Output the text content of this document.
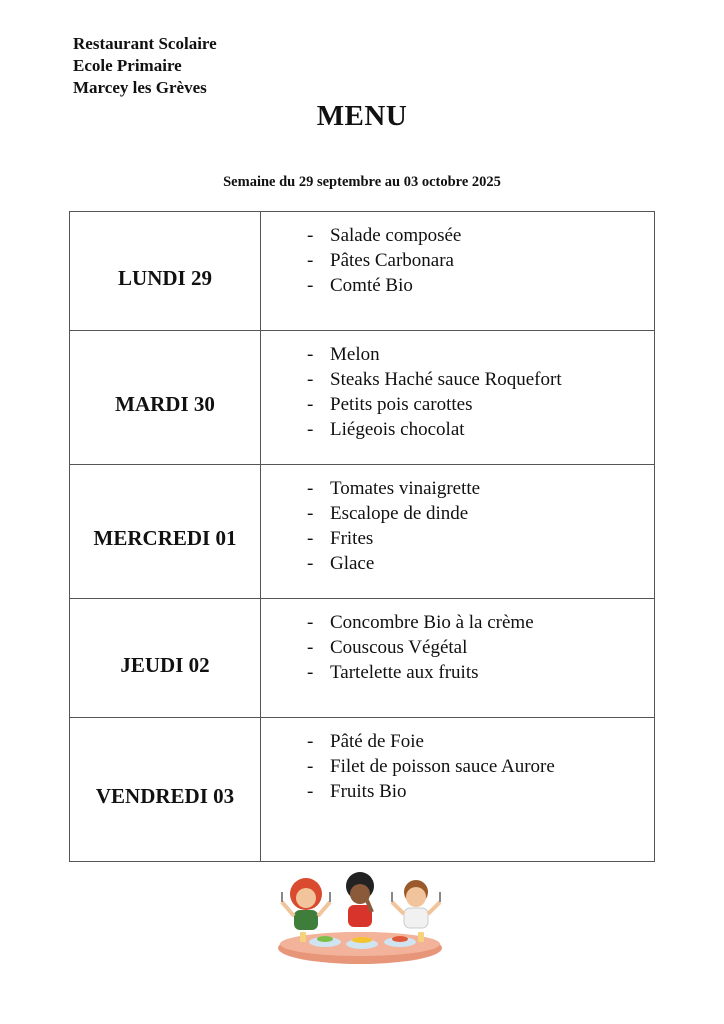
Restaurant Scolaire
Ecole Primaire
Marcey les Grèves
MENU
Semaine du 29 septembre au 03 octobre 2025
LUNDI 29
- Salade composée
- Pâtes Carbonara
- Comté Bio
MARDI 30
- Melon
- Steaks Haché sauce Roquefort
- Petits pois carottes
- Liégeois chocolat
MERCREDI 01
- Tomates vinaigrette
- Escalope de dinde
- Frites
- Glace
JEUDI 02
- Concombre Bio à la crème
- Couscous Végétal
- Tartelette aux fruits
VENDREDI 03
- Pâté de Foie
- Filet de poisson sauce Aurore
- Fruits Bio
